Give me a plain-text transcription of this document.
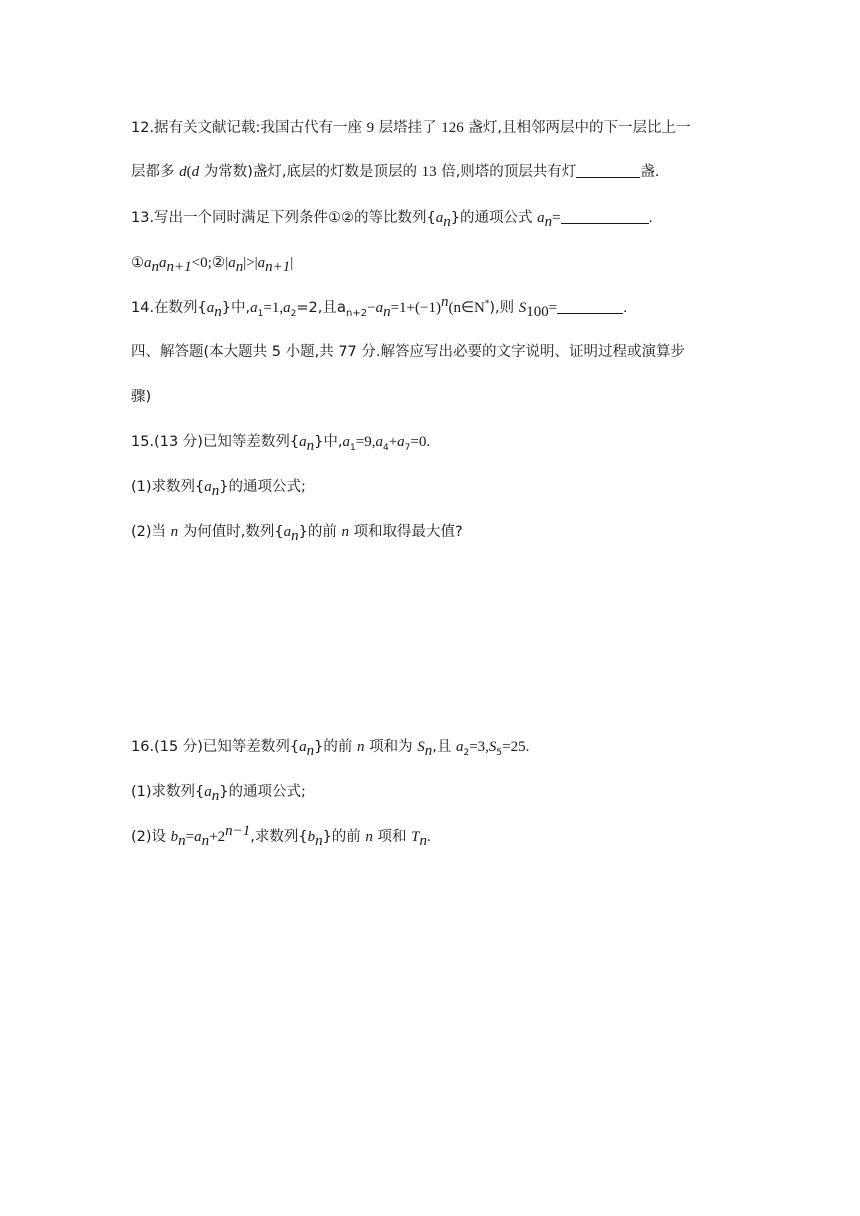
12.据有关文献记载:我国古代有一座 9 层塔挂了 126 盏灯,且相邻两层中的下一层比上一
层都多 d(d 为常数)盏灯,底层的灯数是顶层的 13 倍,则塔的顶层共有灯	盏.
13.写出一个同时满足下列条件①②的等比数列$\{a_n\}$的通项公式 $a_n=$	.
$①a_na_{n+1}<0;②|a_n|>|a_{n+1}|$
14.在数列$\{a_n\}$中$,a_1=1,a_2=2$,且$a_{n+2}-a_n=1+(-1)^n(n\in N^*)$,则 $S_{100}=$	.
四、解答题(本大题共 5 小题,共 77 分.解答应写出必要的文字说明、证明过程或演算步
骤)
15.(13 分)已知等差数列$\{a_n\}$中$,a_1=9,a_4+a_7=0$.
(1)求数列$\{a_n\}$的通项公式;
(2)当 n 为何值时,数列$\{a_n\}$的前 n 项和取得最大值?
16.(15 分)已知等差数列$\{a_n\}$的前 n 项和为 $S_n$,且 $a_2=3,S_5=25$.
(1)求数列$\{a_n\}$的通项公式;
(2)设 $b_n=a_n+2^{n-1}$,求数列$\{b_n\}$的前 n 项和 $T_n$.
